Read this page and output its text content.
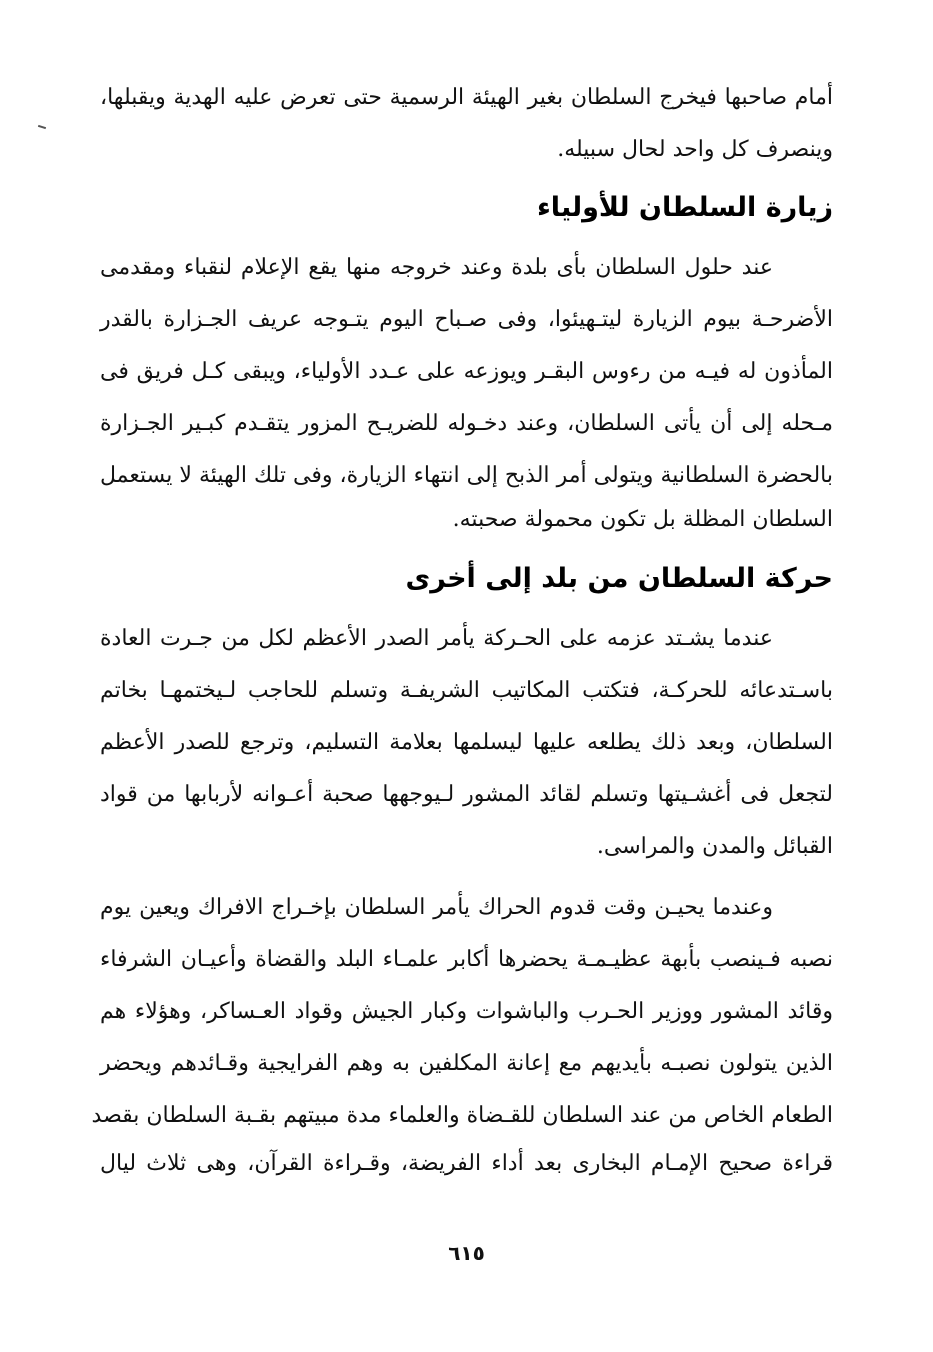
أمام صاحبها فيخرج السلطان بغير الهيئة الرسمية حتى تعرض عليه الهدية ويقبلها،
وينصرف كل واحد لحال سبيله.
زيارة السلطان للأولياء
عند حلول السلطان بأى بلدة وعند خروجه منها يقع الإعلام لنقباء ومقدمى
الأضرحـة بيوم الزيارة ليتـهيئوا، وفى صـباح اليوم يتـوجه عريف الجـزارة بالقدر
المأذون له فيـه من رءوس البقـر ويوزعه على عـدد الأولياء، ويبقى كـل فريق فى
مـحله إلى أن يأتى السلطان، وعند دخـوله للضريـح المزور يتقـدم كبـير الجـزارة
بالحضرة السلطانية ويتولى أمر الذبح إلى انتهاء الزيارة، وفى تلك الهيئة لا يستعمل
السلطان المظلة بل تكون محمولة صحبته.
حركة السلطان من بلد إلى أخرى
عندما يشـتد عزمه على الحـركة يأمر الصدر الأعظم لكل من جـرت العادة
باسـتدعائه للحركـة، فتكتب المكاتيب الشريفـة وتسلم للحاجب لـيختمهـا بخاتم
السلطان، وبعد ذلك يطلعه عليها ليسلمها بعلامة التسليم، وترجع للصدر الأعظم
لتجعل فى أغشـيتها وتسلم لقائد المشور لـيوجهها صحبة أعـوانه لأربابها من قواد
القبائل والمدن والمراسى.
وعندما يحيـن وقت قدوم الحراك يأمر السلطان بإخـراج الافراك ويعين يوم
نصبه فـينصب بأبهة عظيـمـة يحضرها أكابر علمـاء البلد والقضاة وأعيـان الشرفاء
وقائد المشور ووزير الحـرب والباشوات وكبار الجيش وقواد العـساكر، وهؤلاء هم
الذين يتولون نصبـه بأيديهم مع إعانة المكلفين به وهم الفرايجية وقـائدهم ويحضر
الطعام الخاص من عند السلطان للقـضاة والعلماء مدة مبيتهم بقـبة السلطان بقصد
قراءة صحيح الإمـام البخارى بعد أداء الفريضة، وقـراءة القرآن، وهى ثلاث ليال
٦١٥
